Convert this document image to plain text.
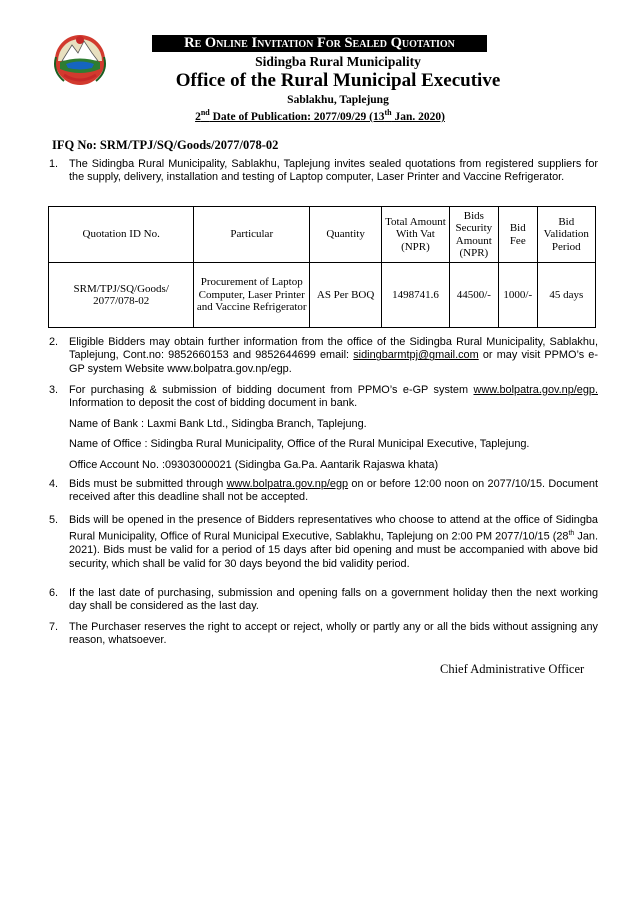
Re Online Invitation For Sealed Quotation
Sidingba Rural Municipality
Office of the Rural Municipal Executive
Sablakhu, Taplejung
2nd Date of Publication: 2077/09/29 (13th Jan. 2020)
IFQ No: SRM/TPJ/SQ/Goods/2077/078-02
1. The Sidingba Rural Municipality, Sablakhu, Taplejung invites sealed quotations from registered suppliers for the supply, delivery, installation and testing of Laptop computer, Laser Printer and Vaccine Refrigerator.
Quotation ID No.	Particular	Quantity	Total Amount With Vat (NPR)	Bids Security Amount (NPR)	Bid Fee	Bid Validation Period
SRM/TPJ/SQ/Goods/ 2077/078-02	Procurement of Laptop Computer, Laser Printer and Vaccine Refrigerator	AS Per BOQ	1498741.6	44500/-	1000/-	45 days
2. Eligible Bidders may obtain further information from the office of the Sidingba Rural Municipality, Sablakhu, Taplejung, Cont.no: 9852660153 and 9852644699 email: sidingbarmtpj@gmail.com or may visit PPMO’s e-GP system Website www.bolpatra.gov.np/egp.
3. For purchasing & submission of bidding document from PPMO’s e-GP system www.bolpatra.gov.np/egp. Information to deposit the cost of bidding document in bank.

Name of Bank : Laxmi Bank Ltd., Sidingba Branch, Taplejung.

Name of Office : Sidingba Rural Municipality, Office of the Rural Municipal Executive, Taplejung.

Office Account No. :09303000021 (Sidingba Ga.Pa. Aantarik Rajaswa khata)

4. Bids must be submitted through www.bolpatra.gov.np/egp on or before 12:00 noon on 2077/10/15. Document received after this deadline shall not be accepted.
5. Bids will be opened in the presence of Bidders representatives who choose to attend at the office of Sidingba Rural Municipality, Office of Rural Municipal Executive, Sablakhu, Taplejung on 2:00 PM 2077/10/15 (28th Jan. 2021). Bids must be valid for a period of 15 days after bid opening and must be accompanied with above bid security, which shall be valid for 30 days beyond the bid validity period.
6. If the last date of purchasing, submission and opening falls on a government holiday then the next working day shall be considered as the last day.
7. The Purchaser reserves the right to accept or reject, wholly or partly any or all the bids without assigning any reason, whatsoever.
Chief Administrative Officer
